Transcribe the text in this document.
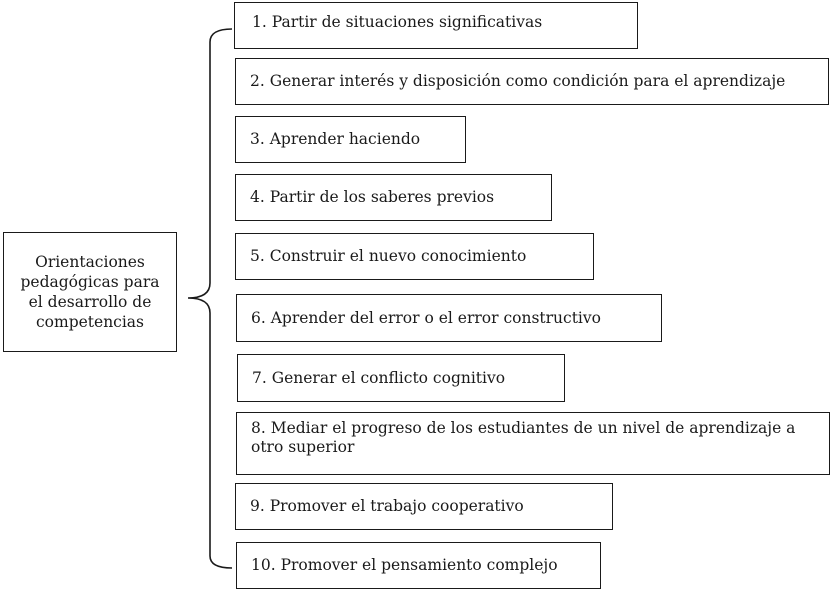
Orientaciones pedagógicas para el desarrollo de competencias
1. Partir de situaciones significativas
2. Generar interés y disposición como condición para el aprendizaje
3. Aprender haciendo
4. Partir de los saberes previos
5. Construir el nuevo conocimiento
6. Aprender del error o el error constructivo
7. Generar el conflicto cognitivo
8. Mediar el progreso de los estudiantes de un nivel de aprendizaje a otro superior
9. Promover el trabajo cooperativo
10. Promover el pensamiento complejo
